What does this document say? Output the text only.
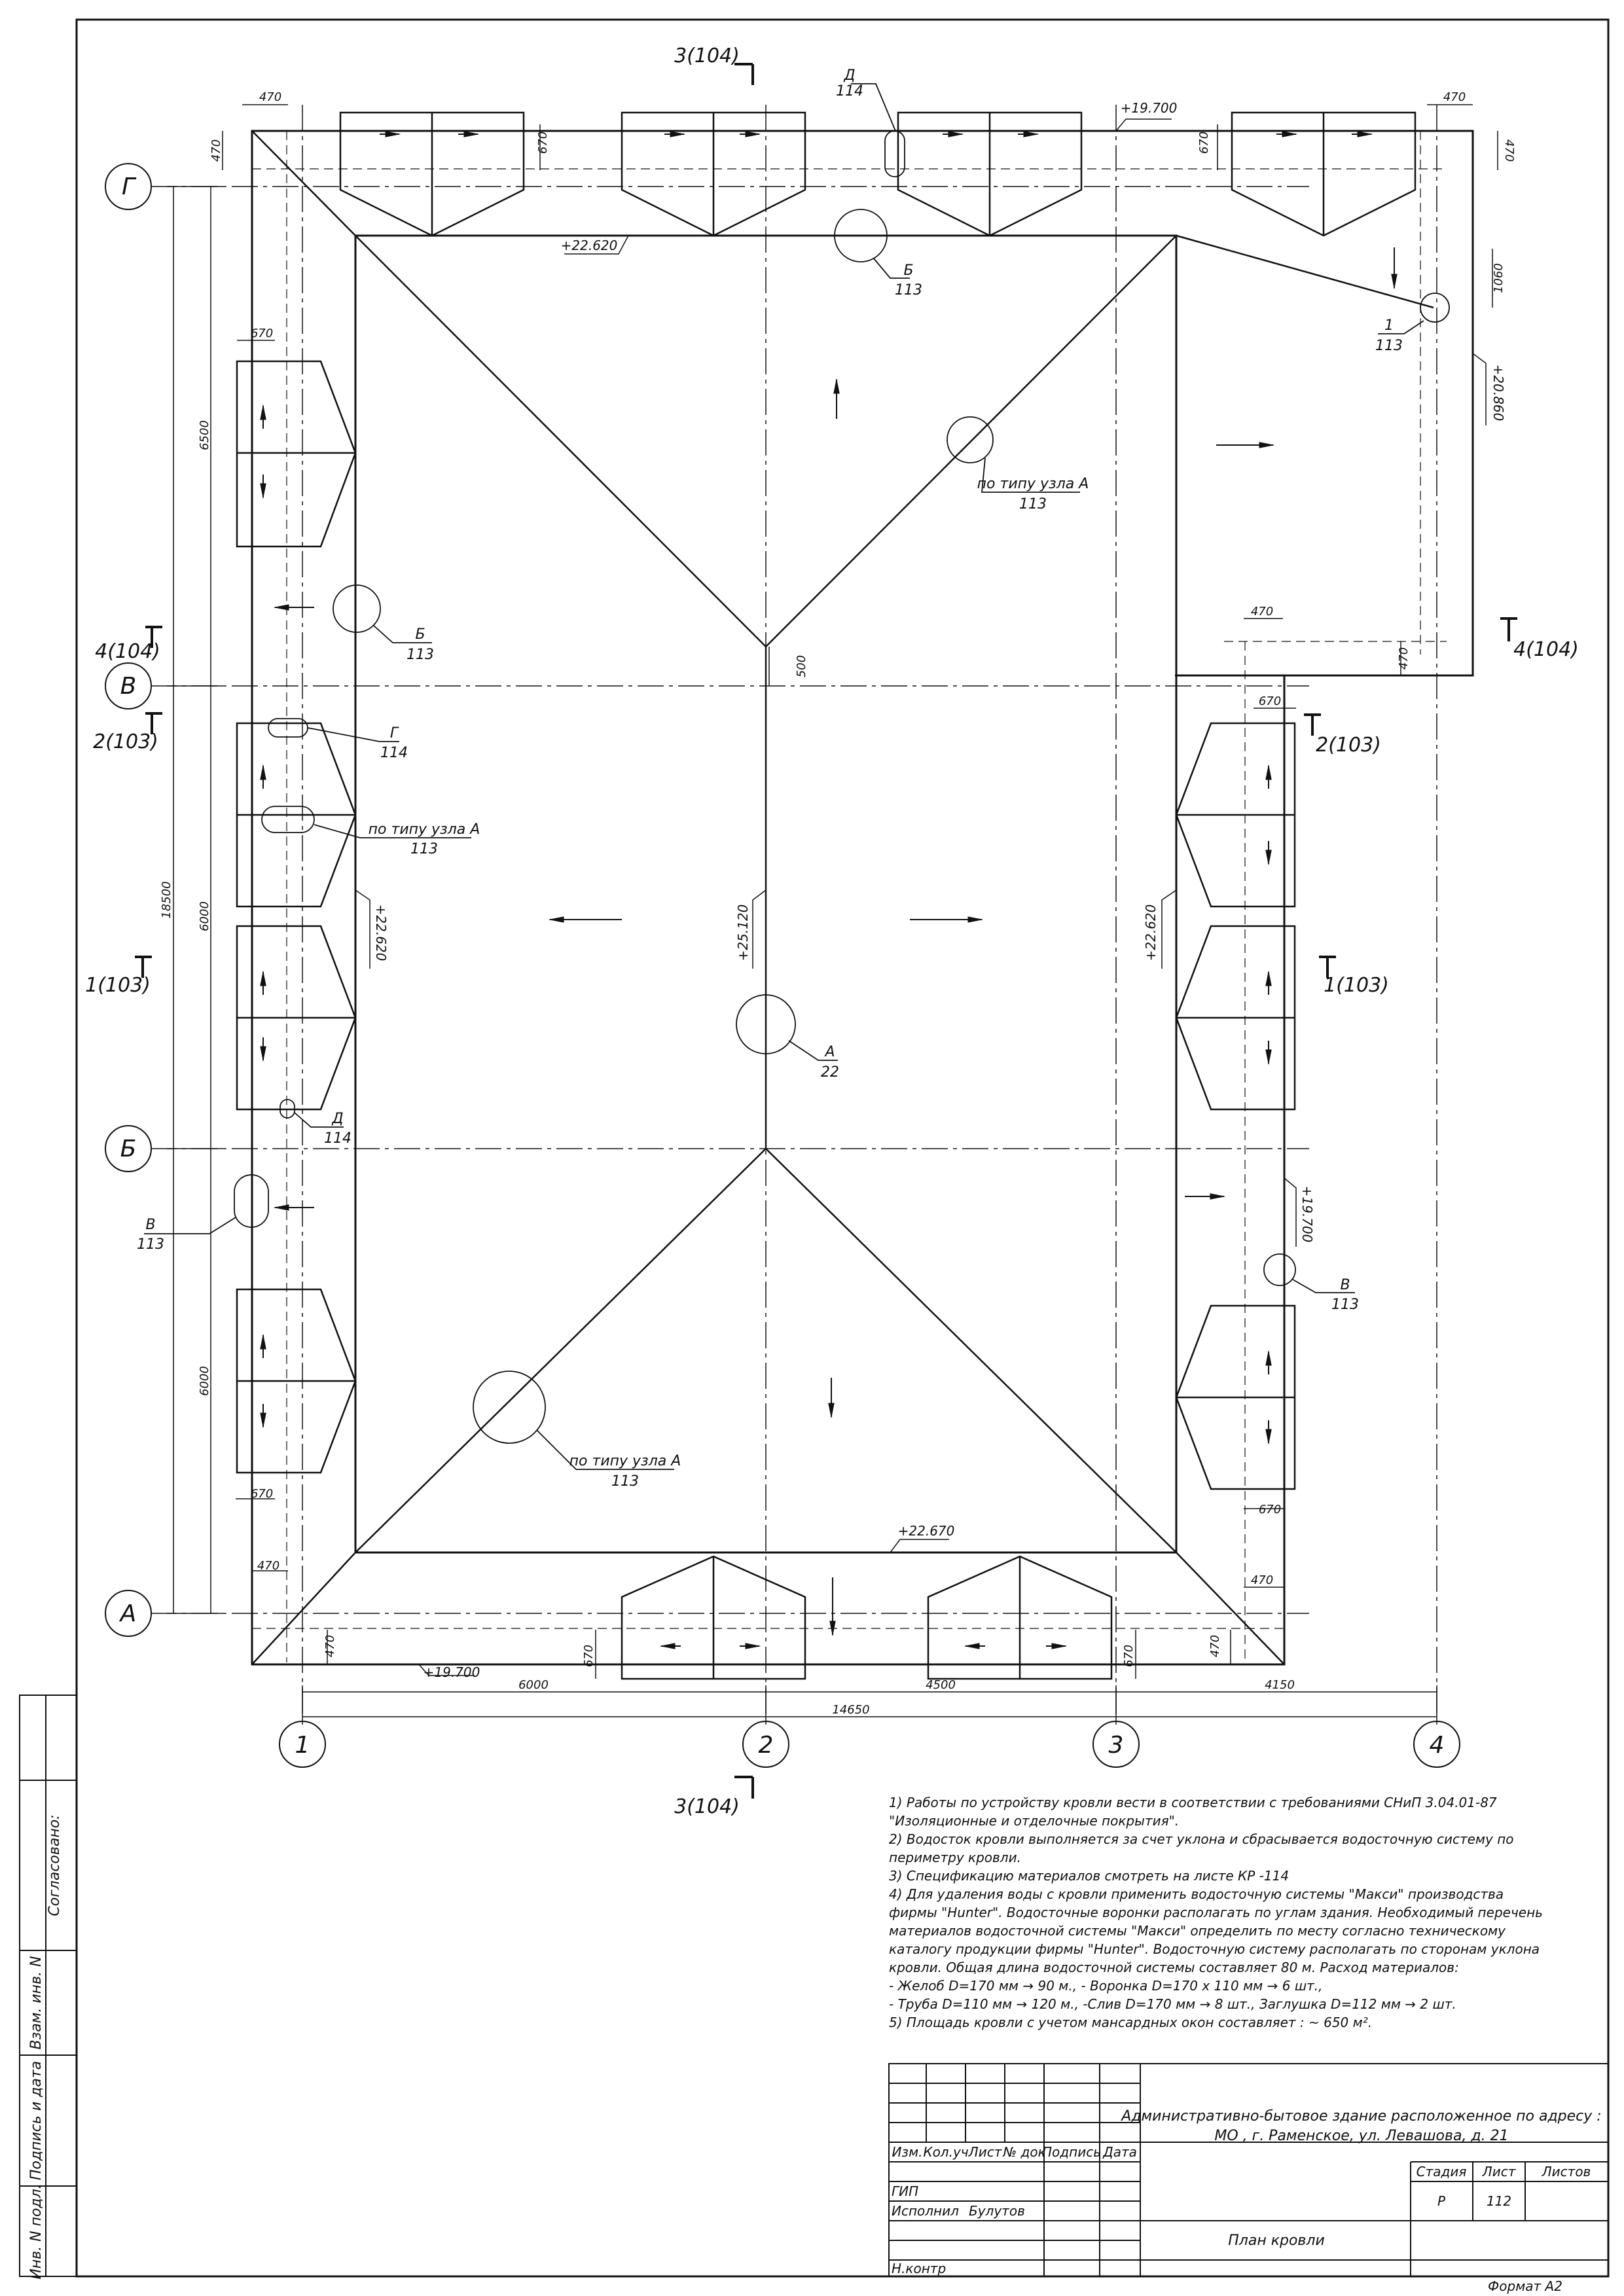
Согласовано:
Взам. инв. N
Подпись и дата
Инв. N подл.
Г
В
Б
А
1	2	3	4
6500
6000
6000
18500
6000	4500	4150
14650
470	470
470	470
670	670
1060
500
470
470
670
670
470
470
670
670
470	670	670	470
+19.700
+22.620
+22.620	+22.620
+25.120
+22.670
+19.700
+20.860
+19.700
3(104)
3(104)
4(104)
2(103)
1(103)
4(104)
2(103)
1(103)
А
22
Б
113
по типу узла А
113
по типу узла А
113
1
113
Б
113
В
113
Д
114
Г
114
по типу узла А
113
Д
114
В
113
Административно-бытовое здание расположенное по адресу :
МО , г. Раменское, ул. Левашова, д. 21
План кровли
Изм. Кол.уч Лист № док
Подпись Дата
ГИП
Исполнил Булутов
Н.контр
Стадия Лист Листов
Р	112
Формат А2

1) Работы по устройству кровли вести в соответствии с требованиями СНиП 3.04.01-87 "Изоляционные и отделочные покрытия".

2) Водосток кровли выполняется за счет уклона и сбрасывается водосточную систему по периметру кровли.

3) Спецификацию материалов смотреть на листе КР -114

4) Для удаления воды с кровли применить водосточную системы "Макси" производства фирмы "Hunter". Водосточные воронки располагать по углам здания. Необходимый перечень материалов водосточной системы "Макси" определить по месту согласно техническому каталогу продукции фирмы "Hunter". Водосточную систему располагать по сторонам уклона кровли. Общая длина водосточной системы составляет 80 м. Расход материалов:

- Желоб D=170 мм → 90 м., - Воронка D=170 x 110 мм → 6 шт.,

- Труба D=110 мм → 120 м., -Слив D=170 мм → 8 шт., Заглушка D=112 мм → 2 шт.

5) Площадь кровли с учетом мансардных окон составляет : ~ 650 м².
